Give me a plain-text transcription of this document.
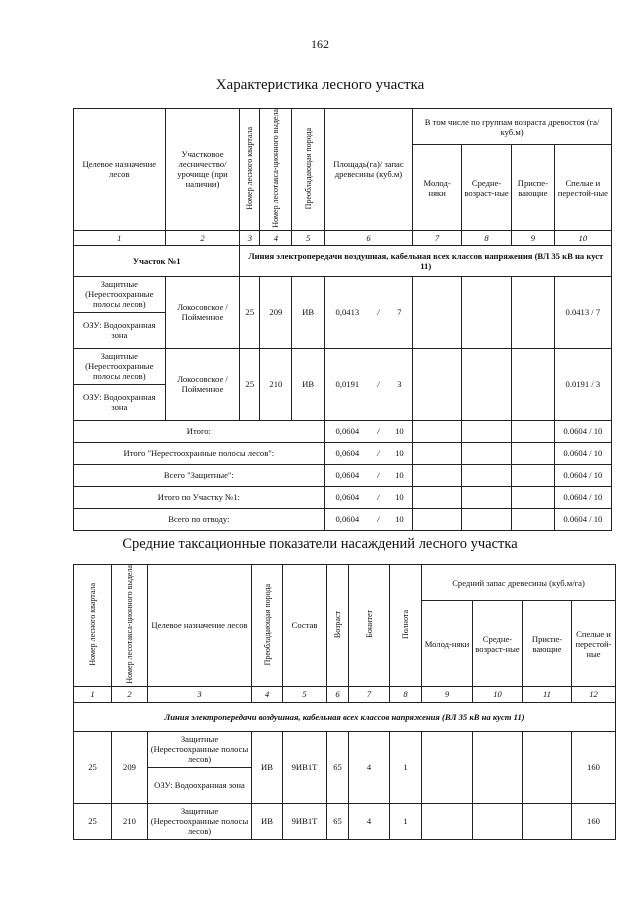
162
Характеристика лесного участка
Целевое назначение лесов	Участковое лесничество/ урочище (при наличии)	Номер лесного квартала	Номер лесотакса-ционного выдела	Преобладающая порода	Площадь(га)/ запас древесины (куб.м)			В том числе по группам возраста древостоя (га/куб.м)			
								Молод-няки	Средне-возраст-ные	Приспе-вающие	Спелые и перестой-ные
1	2	3	4	5	6			7	8	9	10
Участок №1		Линия электропередачи воздушная, кабельная всех классов напряжения (ВЛ 35 кВ на куст 11)									
Защитные (Нерестоохранные полосы лесов)	Локосовское / Пойменное	25	209	ИВ	0,0413	/	7				0.0413 / 7
ОЗУ: Водоохранная зона											
Защитные (Нерестоохранные полосы лесов)	Локосовское / Пойменное	25	210	ИВ	0,0191	/	3				0.0191 / 3
ОЗУ: Водоохранная зона											
Итого:					0,0604	/	10				0.0604 / 10
Итого "Нерестоохранные полосы лесов":					0,0604	/	10				0.0604 / 10
Всего "Защитные":					0,0604	/	10				0.0604 / 10
Итого по Участку №1:					0,0604	/	10				0.0604 / 10
Всего по отводу:					0,0604	/	10				0.0604 / 10
Средние таксационные показатели насаждений лесного участка
Номер лесного квартала	Номер лесотакса-ционного выдела	Целевое назначение лесов	Преобладающая порода	Состав	Возраст	Бонитет	Полнота	Средний запас древесины (куб.м/га)			
								Молод-няки	Средне-возраст-ные	Приспе-вающие	Спелые и перестой-ные
1	2	3	4	5	6	7	8	9	10	11	12
Линия электропередачи воздушная, кабельная всех классов напряжения (ВЛ 35 кВ на куст 11)											
25	209	Защитные (Нерестоохранные полосы лесов)	ИВ	9ИВ1Т	65	4	1				160
		ОЗУ: Водоохранная зона									
25	210	Защитные (Нерестоохранные полосы лесов)	ИВ	9ИВ1Т	65	4	1				160
